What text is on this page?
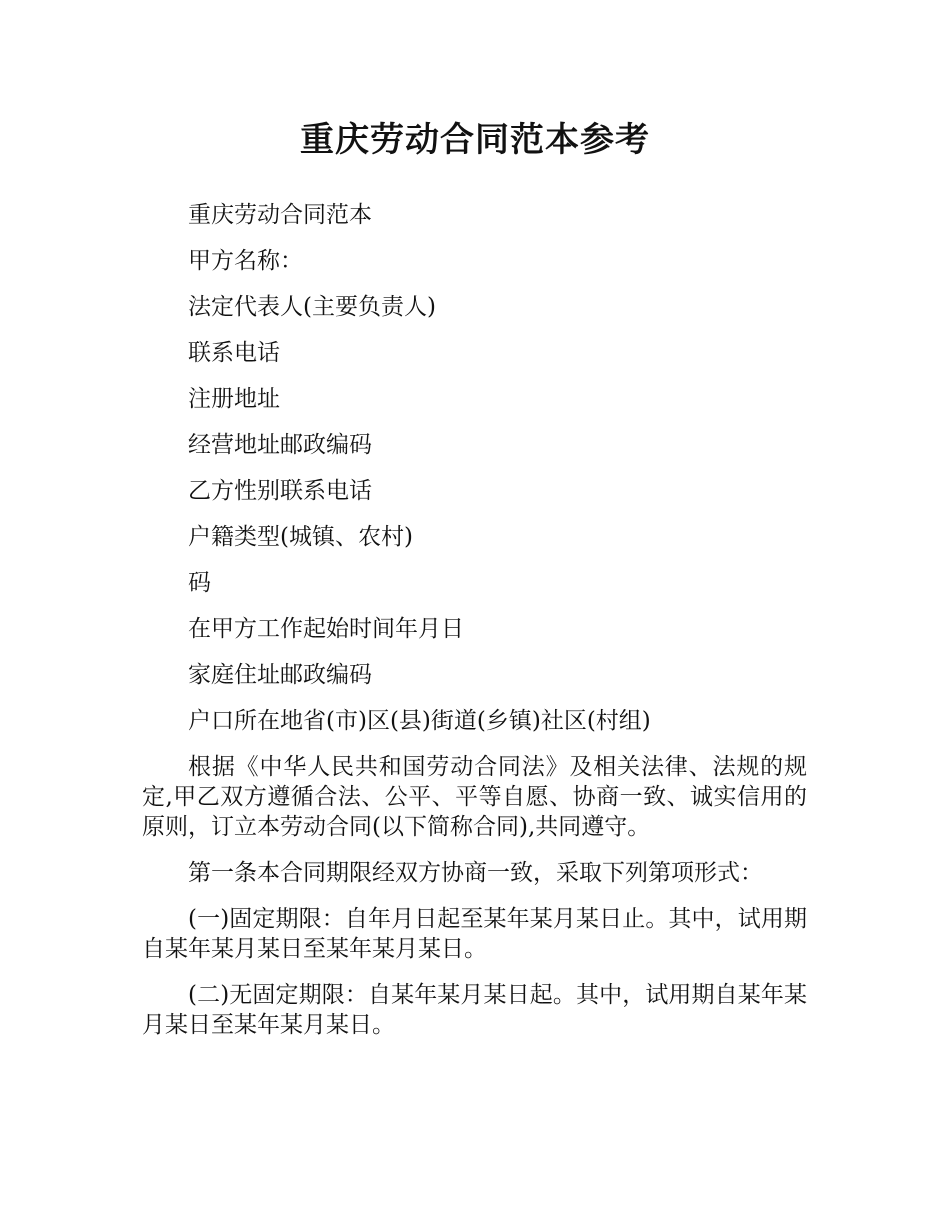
重庆劳动合同范本参考

重庆劳动合同范本

甲方名称：

法定代表人(主要负责人)

联系电话

注册地址

经营地址邮政编码

乙方性别联系电话

户籍类型(城镇、农村)

码

在甲方工作起始时间年月日

家庭住址邮政编码

户口所在地省(市)区(县)街道(乡镇)社区(村组)

根据《中华人民共和国劳动合同法》及相关法律、法规的规定,甲乙双方遵循合法、公平、平等自愿、协商一致、诚实信用的原则，订立本劳动合同(以下简称合同),共同遵守。

第一条本合同期限经双方协商一致，采取下列第项形式：

(一)固定期限：自年月日起至某年某月某日止。其中，试用期自某年某月某日至某年某月某日。

(二)无固定期限：自某年某月某日起。其中，试用期自某年某月某日至某年某月某日。
